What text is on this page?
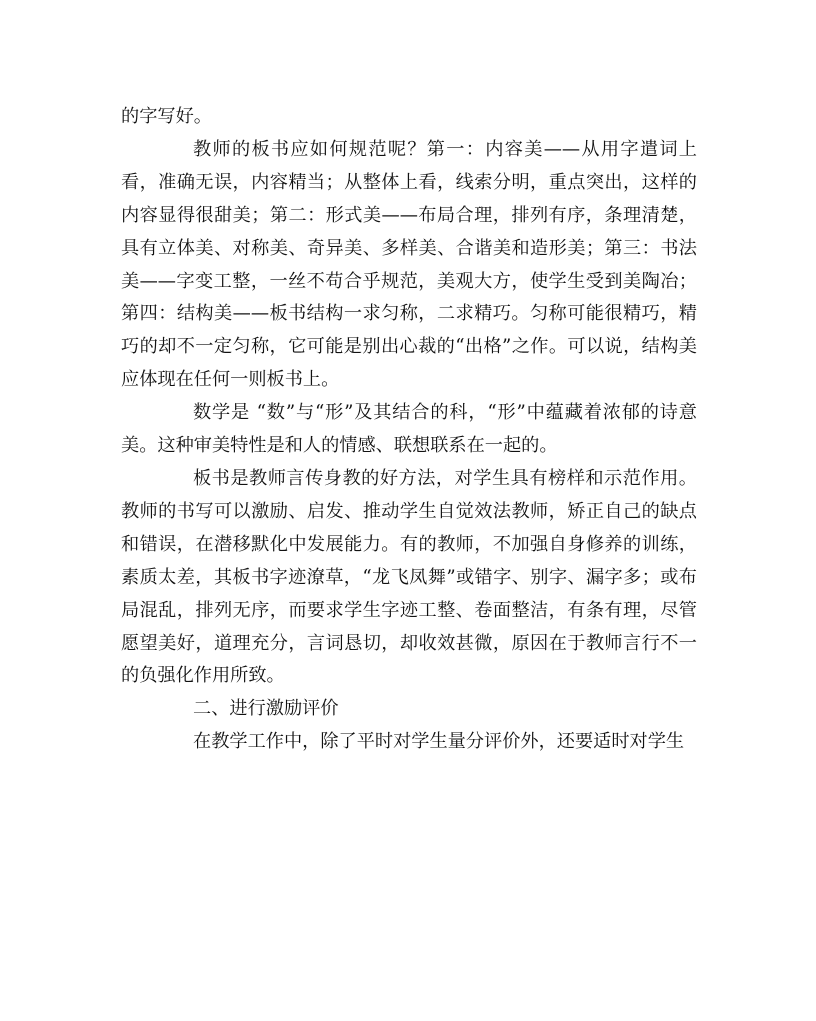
的字写好。

教师的板书应如何规范呢？第一：内容美——从用字遣词上看，准确无误，内容精当；从整体上看，线索分明，重点突出，这样的内容显得很甜美；第二：形式美——布局合理，排列有序，条理清楚，具有立体美、对称美、奇异美、多样美、合谐美和造形美；第三：书法美——字变工整，一丝不苟合乎规范，美观大方，使学生受到美陶冶；第四：结构美——板书结构一求匀称，二求精巧。匀称可能很精巧，精巧的却不一定匀称，它可能是别出心裁的“出格”之作。可以说，结构美应体现在任何一则板书上。

数学是 “数”与“形”及其结合的科，“形”中蕴藏着浓郁的诗意美。这种审美特性是和人的情感、联想联系在一起的。

板书是教师言传身教的好方法，对学生具有榜样和示范作用。教师的书写可以激励、启发、推动学生自觉效法教师，矫正自己的缺点和错误，在潜移默化中发展能力。有的教师，不加强自身修养的训练，素质太差，其板书字迹潦草，“龙飞凤舞”或错字、别字、漏字多；或布局混乱，排列无序，而要求学生字迹工整、卷面整洁，有条有理，尽管愿望美好，道理充分，言词恳切，却收效甚微，原因在于教师言行不一的负强化作用所致。

二、进行激励评价

在教学工作中，除了平时对学生量分评价外，还要适时对学生
